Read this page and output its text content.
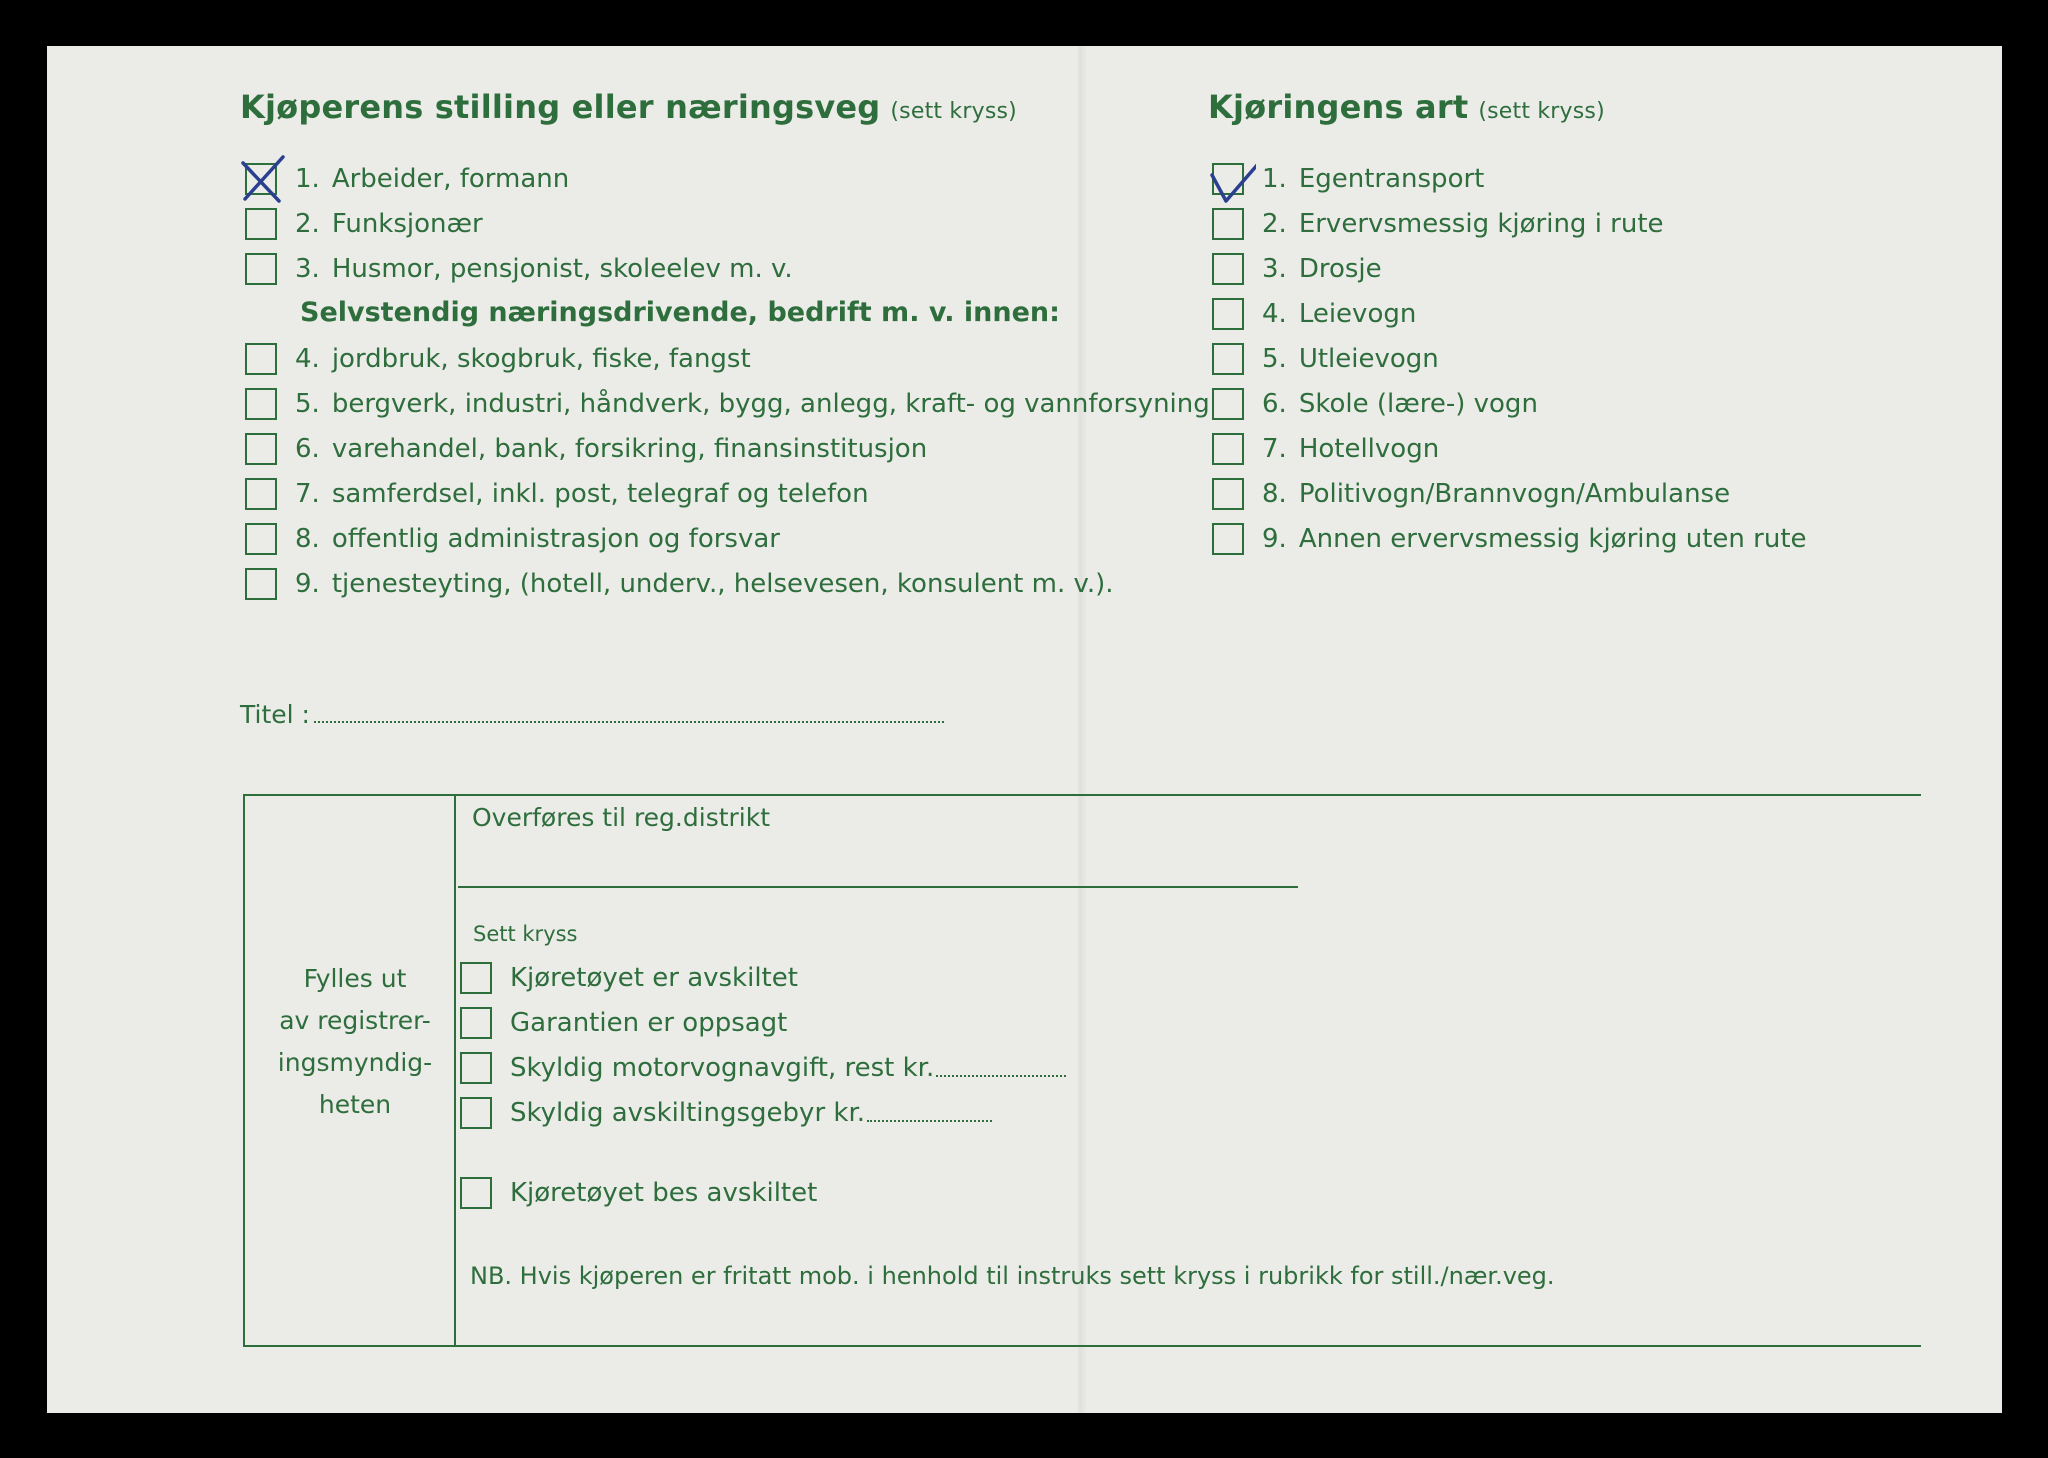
Kjøperens stilling eller næringsveg (sett kryss)
1. Arbeider, formann
2. Funksjonær
3. Husmor, pensjonist, skoleelev m. v.
Selvstendig næringsdrivende, bedrift m. v. innen:
4. jordbruk, skogbruk, fiske, fangst
5. bergverk, industri, håndverk, bygg, anlegg, kraft- og vannforsyning
6. varehandel, bank, forsikring, finansinstitusjon
7. samferdsel, inkl. post, telegraf og telefon
8. offentlig administrasjon og forsvar
9. tjenesteyting, (hotell, underv., helsevesen, konsulent m. v.).
Kjøringens art (sett kryss)
1. Egentransport
2. Ervervsmessig kjøring i rute
3. Drosje
4. Leievogn
5. Utleievogn
6. Skole (lære-) vogn
7. Hotellvogn
8. Politivogn/Brannvogn/Ambulanse
9. Annen ervervsmessig kjøring uten rute
Titel :
Fylles ut
av registrer-
ingsmyndig-
heten
Overføres til reg.distrikt
Sett kryss
Kjøretøyet er avskiltet
Garantien er oppsagt
Skyldig motorvognavgift, rest kr.
Skyldig avskiltingsgebyr kr.
Kjøretøyet bes avskiltet
NB. Hvis kjøperen er fritatt mob. i henhold til instruks sett kryss i rubrikk for still./nær.veg.
